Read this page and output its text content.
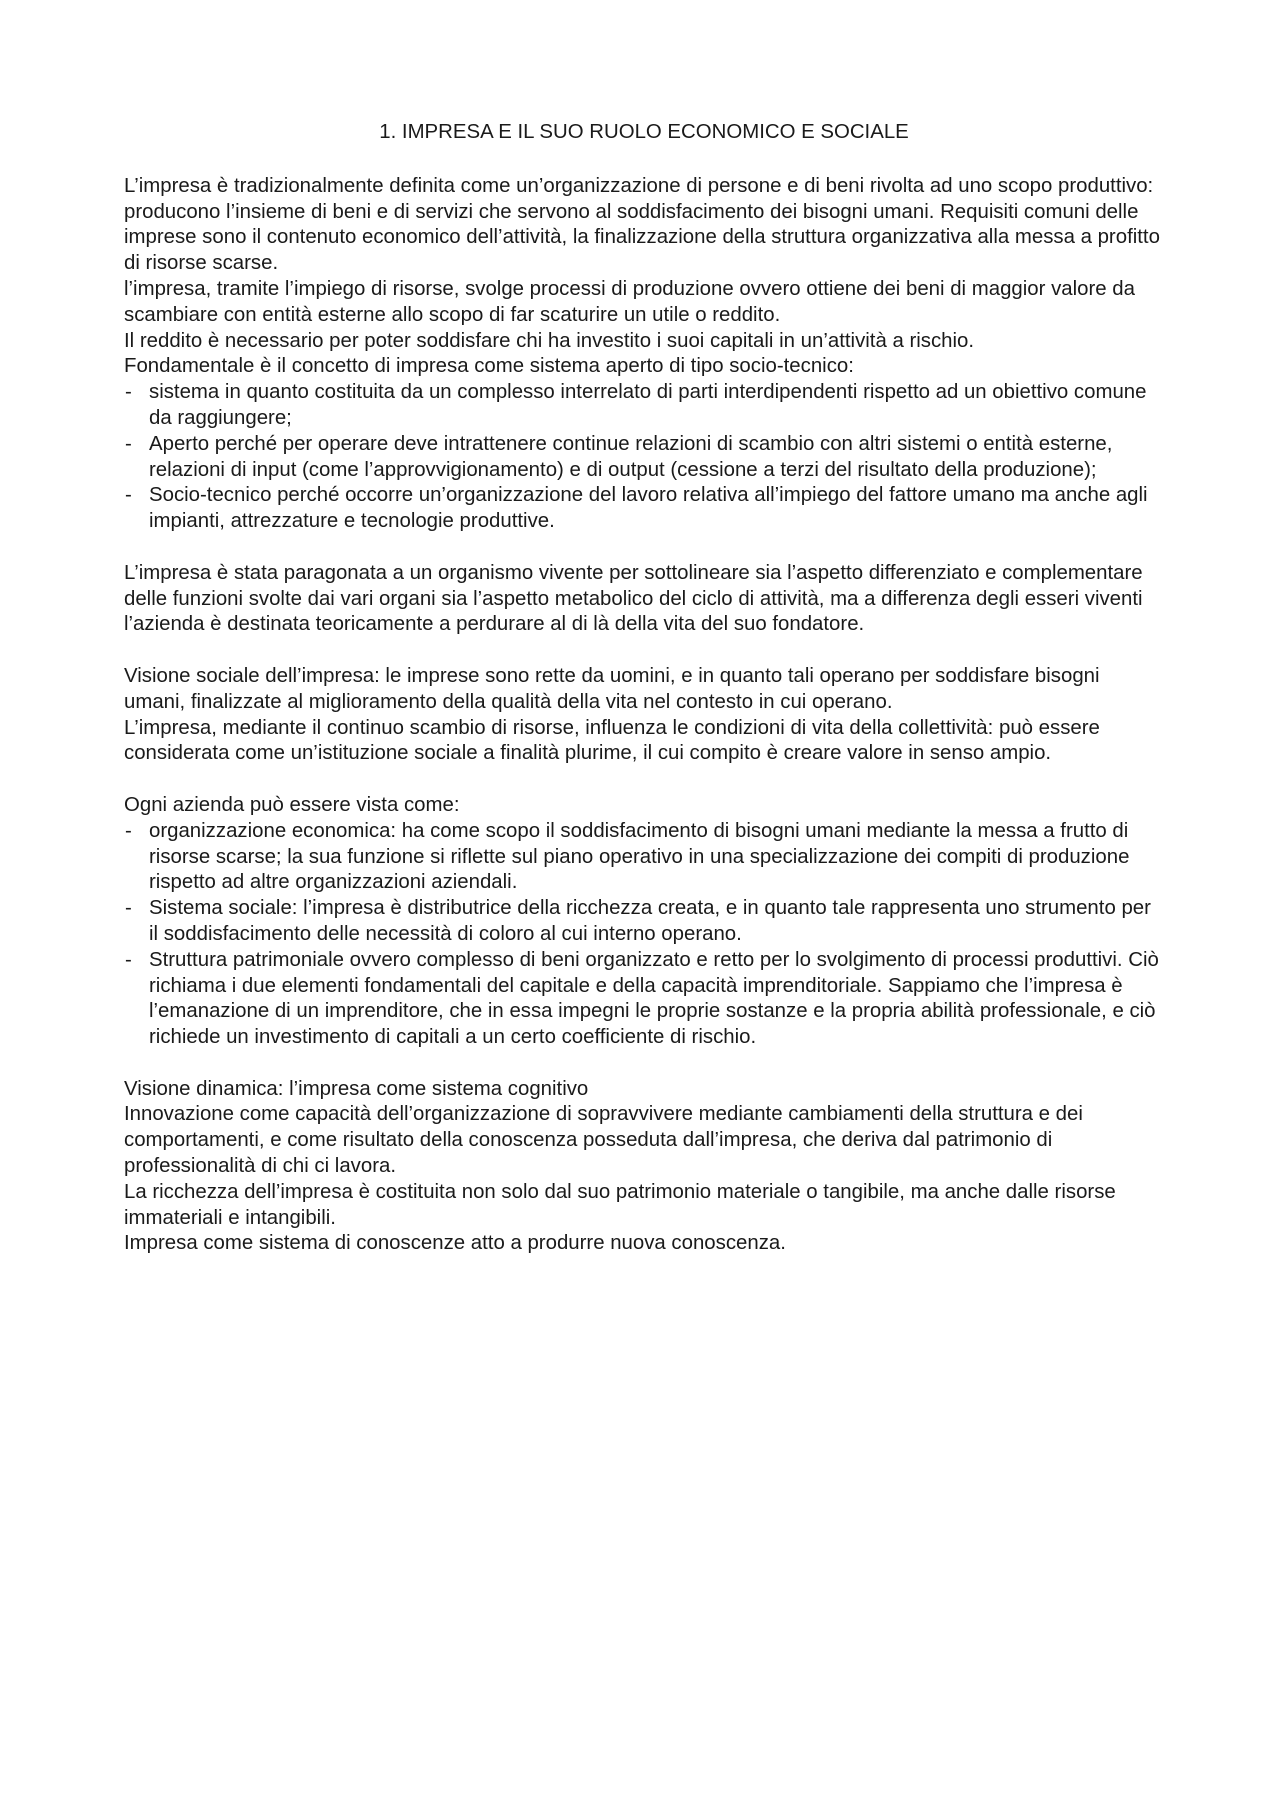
1. IMPRESA E IL SUO RUOLO ECONOMICO E SOCIALE

L’impresa è tradizionalmente definita come un’organizzazione di persone e di beni rivolta ad uno scopo produttivo: producono l’insieme di beni e di servizi che servono al soddisfacimento dei bisogni umani. Requisiti comuni delle imprese sono il contenuto economico dell’attività, la finalizzazione della struttura organizzativa alla messa a profitto di risorse scarse.

l’impresa, tramite l’impiego di risorse, svolge processi di produzione ovvero ottiene dei beni di maggior valore da scambiare con entità esterne allo scopo di far scaturire un utile o reddito.

Il reddito è necessario per poter soddisfare chi ha investito i suoi capitali in un’attività a rischio.

Fondamentale è il concetto di impresa come sistema aperto di tipo socio-tecnico:

- sistema in quanto costituita da un complesso interrelato di parti interdipendenti rispetto ad un obiettivo comune da raggiungere;
- Aperto perché per operare deve intrattenere continue relazioni di scambio con altri sistemi o entità esterne, relazioni di input (come l’approvvigionamento) e di output (cessione a terzi del risultato della produzione);
- Socio-tecnico perché occorre un’organizzazione del lavoro relativa all’impiego del fattore umano ma anche agli impianti, attrezzature e tecnologie produttive.

L’impresa è stata paragonata a un organismo vivente per sottolineare sia l’aspetto differenziato e complementare delle funzioni svolte dai vari organi sia l’aspetto metabolico del ciclo di attività, ma a differenza degli esseri viventi l’azienda è destinata teoricamente a perdurare al di là della vita del suo fondatore.

Visione sociale dell’impresa: le imprese sono rette da uomini, e in quanto tali operano per soddisfare bisogni umani, finalizzate al miglioramento della qualità della vita nel contesto in cui operano.

L’impresa, mediante il continuo scambio di risorse, influenza le condizioni di vita della collettività: può essere considerata come un’istituzione sociale a finalità plurime, il cui compito è creare valore in senso ampio.

Ogni azienda può essere vista come:

- organizzazione economica: ha come scopo il soddisfacimento di bisogni umani mediante la messa a frutto di risorse scarse; la sua funzione si riflette sul piano operativo in una specializzazione dei compiti di produzione rispetto ad altre organizzazioni aziendali.
- Sistema sociale: l’impresa è distributrice della ricchezza creata, e in quanto tale rappresenta uno strumento per il soddisfacimento delle necessità di coloro al cui interno operano.
- Struttura patrimoniale ovvero complesso di beni organizzato e retto per lo svolgimento di processi produttivi. Ciò richiama i due elementi fondamentali del capitale e della capacità imprenditoriale. Sappiamo che l’impresa è l’emanazione di un imprenditore, che in essa impegni le proprie sostanze e la propria abilità professionale, e ciò richiede un investimento di capitali a un certo coefficiente di rischio.

Visione dinamica: l’impresa come sistema cognitivo

Innovazione come capacità dell’organizzazione di sopravvivere mediante cambiamenti della struttura e dei comportamenti, e come risultato della conoscenza posseduta dall’impresa, che deriva dal patrimonio di professionalità di chi ci lavora.

La ricchezza dell’impresa è costituita non solo dal suo patrimonio materiale o tangibile, ma anche dalle risorse immateriali e intangibili.

Impresa come sistema di conoscenze atto a produrre nuova conoscenza.
